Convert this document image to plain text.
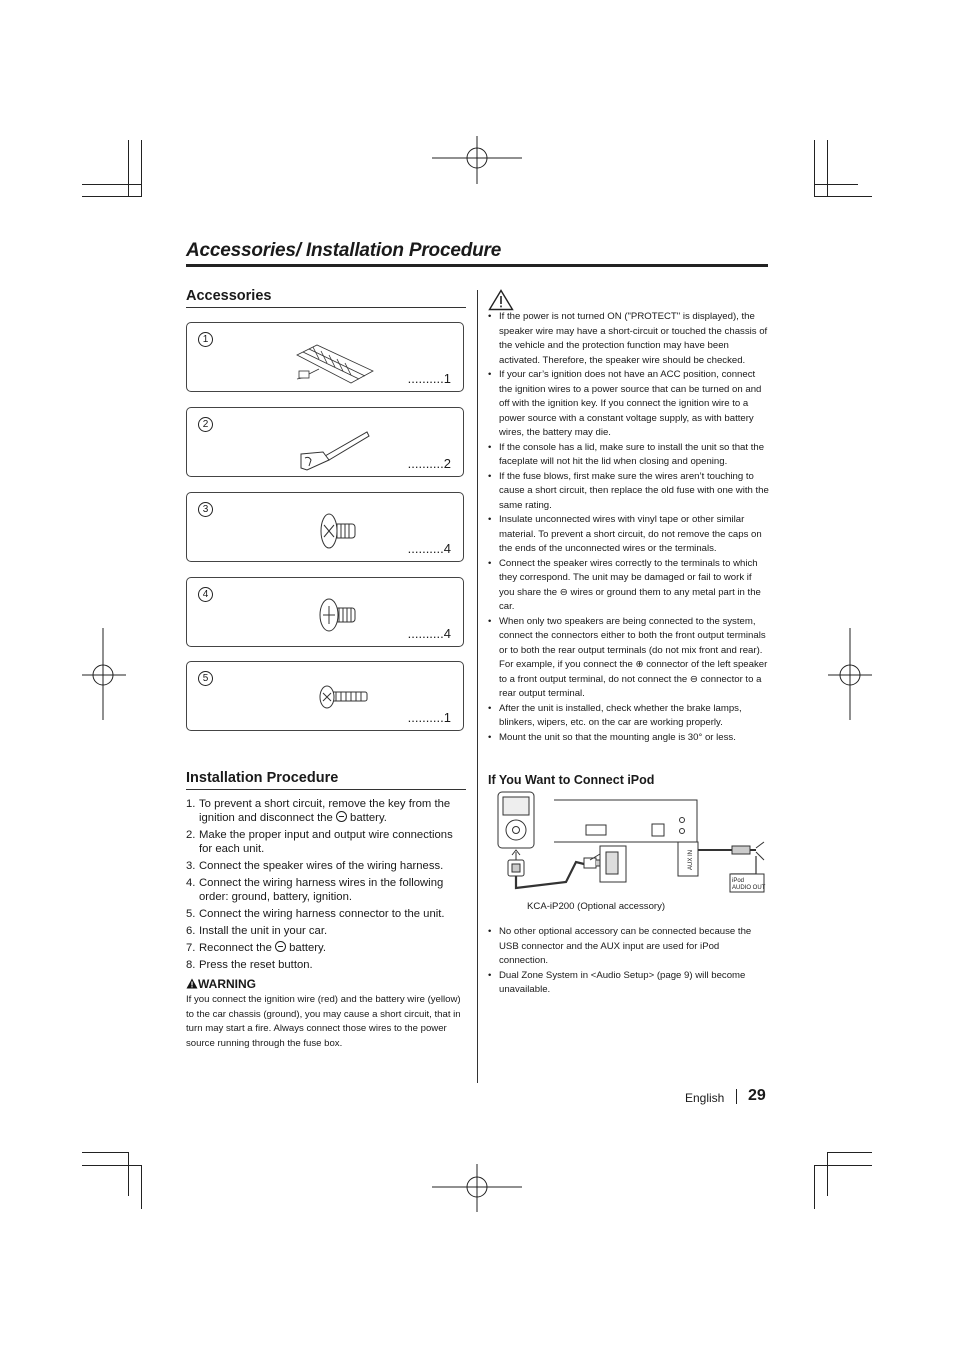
Accessories/ Installation Procedure
Accessories
1
..........1
2
..........2
3
..........4
4
..........4
5
..........1
Installation Procedure
1. To prevent a short circuit, remove the key from the ignition and disconnect the  battery.
2. Make the proper input and output wire connections for each unit.
3. Connect the speaker wires of the wiring harness.
4. Connect the wiring harness wires in the following order: ground, battery, ignition.
5. Connect the wiring harness connector to the unit.
6. Install the unit in your car.
7. Reconnect the  battery.
8. Press the reset button.
WARNING
If you connect the ignition wire (red) and the battery wire (yellow) to the car chassis (ground), you may cause a short circuit, that in turn may start a fire. Always connect those wires to the power source running through the fuse box.
• If the power is not turned ON ("PROTECT" is displayed), the speaker wire may have a short-circuit or touched the chassis of the vehicle and the protection function may have been activated. Therefore, the speaker wire should be checked.
• If your car’s ignition does not have an ACC position, connect the ignition wires to a power source that can be turned on and off with the ignition key. If you connect the ignition wire to a power source with a constant voltage supply, as with battery wires, the battery may die.
• If the console has a lid, make sure to install the unit so that the faceplate will not hit the lid when closing and opening.
• If the fuse blows, first make sure the wires aren’t touching to cause a short circuit, then replace the old fuse with one with the same rating.
• Insulate unconnected wires with vinyl tape or other similar material. To prevent a short circuit, do not remove the caps on the ends of the unconnected wires or the terminals.
• Connect the speaker wires correctly to the terminals to which they correspond. The unit may be damaged or fail to work if you share the ⊖ wires or ground them to any metal part in the car.
• When only two speakers are being connected to the system, connect the connectors either to both the front output terminals or to both the rear output terminals (do not mix front and rear). For example, if you connect the ⊕ connector of the left speaker to a front output terminal, do not connect the ⊖ connector to a rear output terminal.
• After the unit is installed, check whether the brake lamps, blinkers, wipers, etc. on the car are working properly.
• Mount the unit so that the mounting angle is 30° or less.
If You Want to Connect iPod
AUX IN
iPod
AUDIO OUT
KCA-iP200 (Optional accessory)
• No other optional accessory can be connected because the USB connector and the AUX input are used for iPod connection.
• Dual Zone System in <Audio Setup> (page 9) will become unavailable.
English 29
